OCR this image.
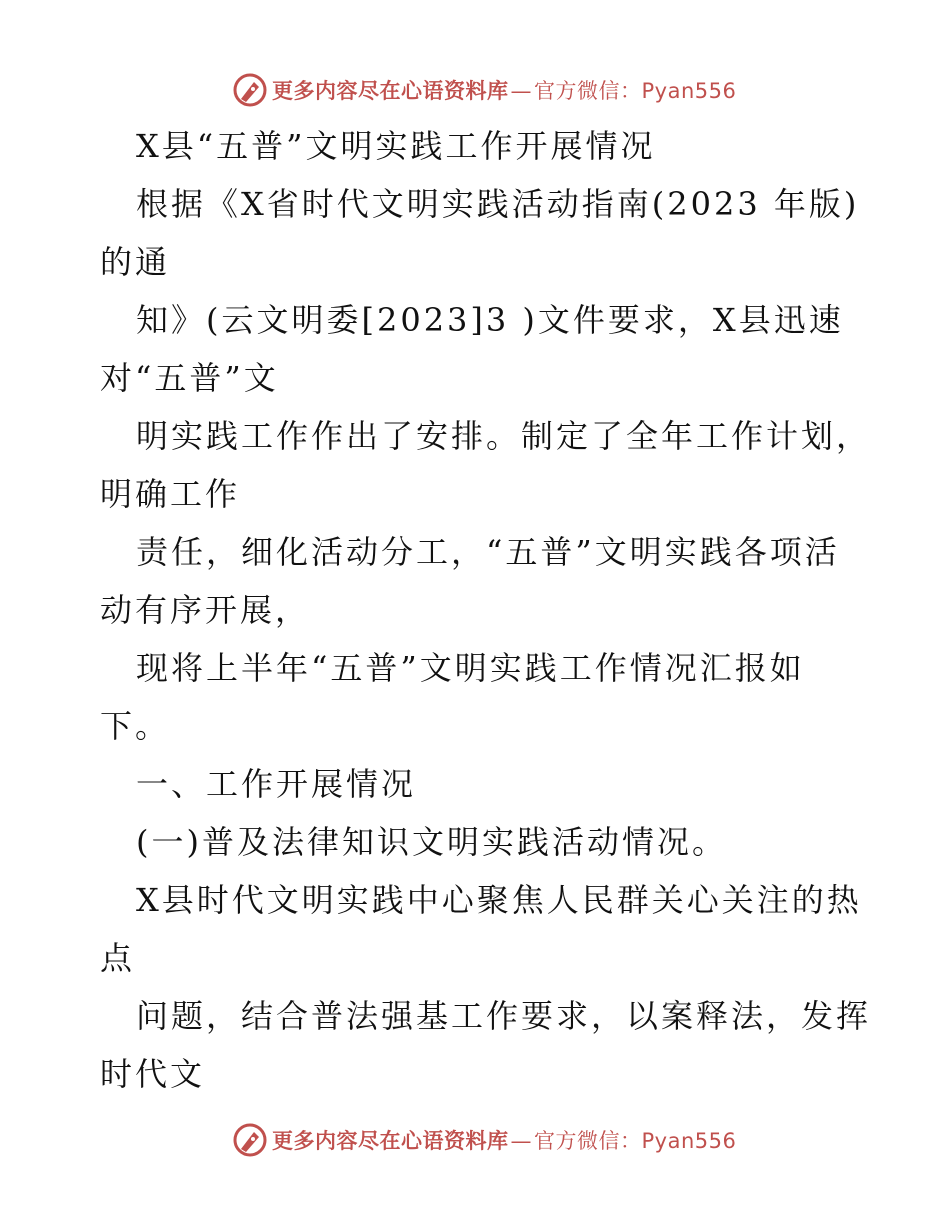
更多内容尽在心语资料库—官方微信：Pyan556
X县“五普”文明实践工作开展情况
根据《X省时代文明实践活动指南(2023 年版)
的通
知》(云文明委[2023]3 )文件要求，X县迅速
对“五普”文
明实践工作作出了安排。制定了全年工作计划，
明确工作
责任，细化活动分工，“五普”文明实践各项活
动有序开展，
现将上半年“五普”文明实践工作情况汇报如
下。
一、工作开展情况
(一)普及法律知识文明实践活动情况。
X县时代文明实践中心聚焦人民群关心关注的热
点
问题，结合普法强基工作要求，以案释法，发挥
时代文
更多内容尽在心语资料库—官方微信：Pyan556
